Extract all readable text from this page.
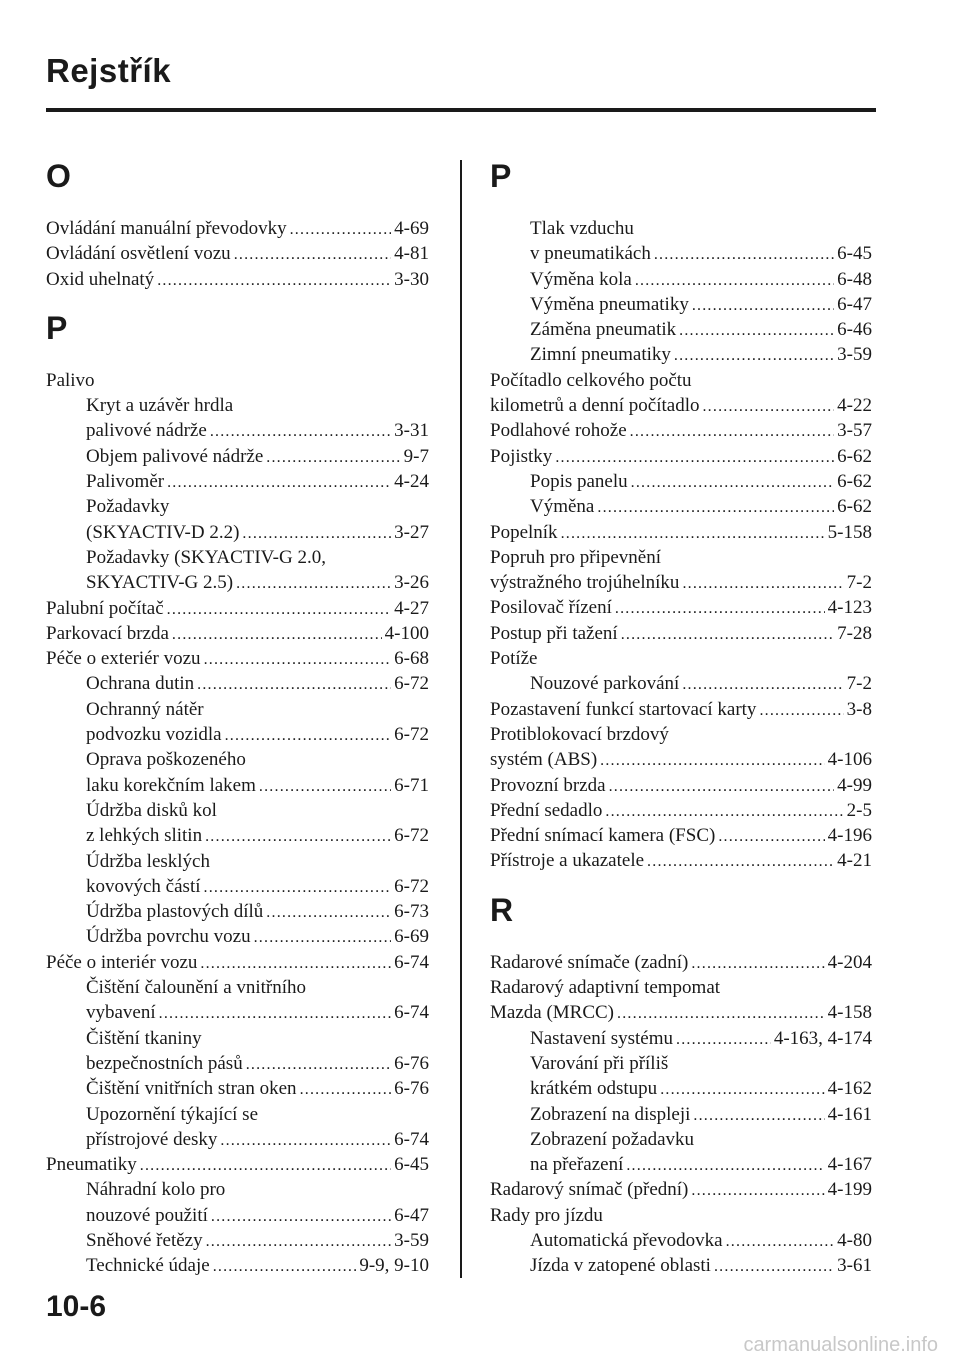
Rejstřík
O
Ovládání manuální převodovky .....	4-69
Ovládání osvětlení vozu .....	4-81
Oxid uhelnatý .....	3-30
P
Palivo
Kryt a uzávěr hrdla
palivové nádrže .....	3-31
Objem palivové nádrže .....	9-7
Palivoměr .....	4-24
Požadavky
(SKYACTIV-D 2.2) .....	3-27
Požadavky (SKYACTIV-G 2.0,
SKYACTIV-G 2.5) .....	3-26
Palubní počítač .....	4-27
Parkovací brzda .....	4-100
Péče o exteriér vozu .....	6-68
Ochrana dutin .....	6-72
Ochranný nátěr
podvozku vozidla .....	6-72
Oprava poškozeného
laku korekčním lakem .....	6-71
Údržba disků kol
z lehkých slitin .....	6-72
Údržba lesklých
kovových částí .....	6-72
Údržba plastových dílů .....	6-73
Údržba povrchu vozu .....	6-69
Péče o interiér vozu .....	6-74
Čištění čalounění a vnitřního
vybavení .....	6-74
Čištění tkaniny
bezpečnostních pásů .....	6-76
Čištění vnitřních stran oken .....	6-76
Upozornění týkající se
přístrojové desky .....	6-74
Pneumatiky .....	6-45
Náhradní kolo pro
nouzové použití .....	6-47
Sněhové řetězy .....	3-59
Technické údaje .....	9-9, 9-10
P
Tlak vzduchu
v pneumatikách .....	6-45
Výměna kola .....	6-48
Výměna pneumatiky .....	6-47
Záměna pneumatik .....	6-46
Zimní pneumatiky .....	3-59
Počítadlo celkového počtu
kilometrů a denní počítadlo .....	4-22
Podlahové rohože .....	3-57
Pojistky .....	6-62
Popis panelu .....	6-62
Výměna .....	6-62
Popelník .....	5-158
Popruh pro připevnění
výstražného trojúhelníku .....	7-2
Posilovač řízení .....	4-123
Postup při tažení .....	7-28
Potíže
Nouzové parkování .....	7-2
Pozastavení funkcí startovací karty .....	3-8
Protiblokovací brzdový
systém (ABS) .....	4-106
Provozní brzda .....	4-99
Přední sedadlo .....	2-5
Přední snímací kamera (FSC) .....	4-196
Přístroje a ukazatele .....	4-21
R
Radarové snímače (zadní) .....	4-204
Radarový adaptivní tempomat
Mazda (MRCC) .....	4-158
Nastavení systému .....	4-163, 4-174
Varování při příliš
krátkém odstupu .....	4-162
Zobrazení na displeji .....	4-161
Zobrazení požadavku
na přeřazení .....	4-167
Radarový snímač (přední) .....	4-199
Rady pro jízdu
Automatická převodovka .....	4-80
Jízda v zatopené oblasti .....	3-61
10-6
carmanualsonline.info
